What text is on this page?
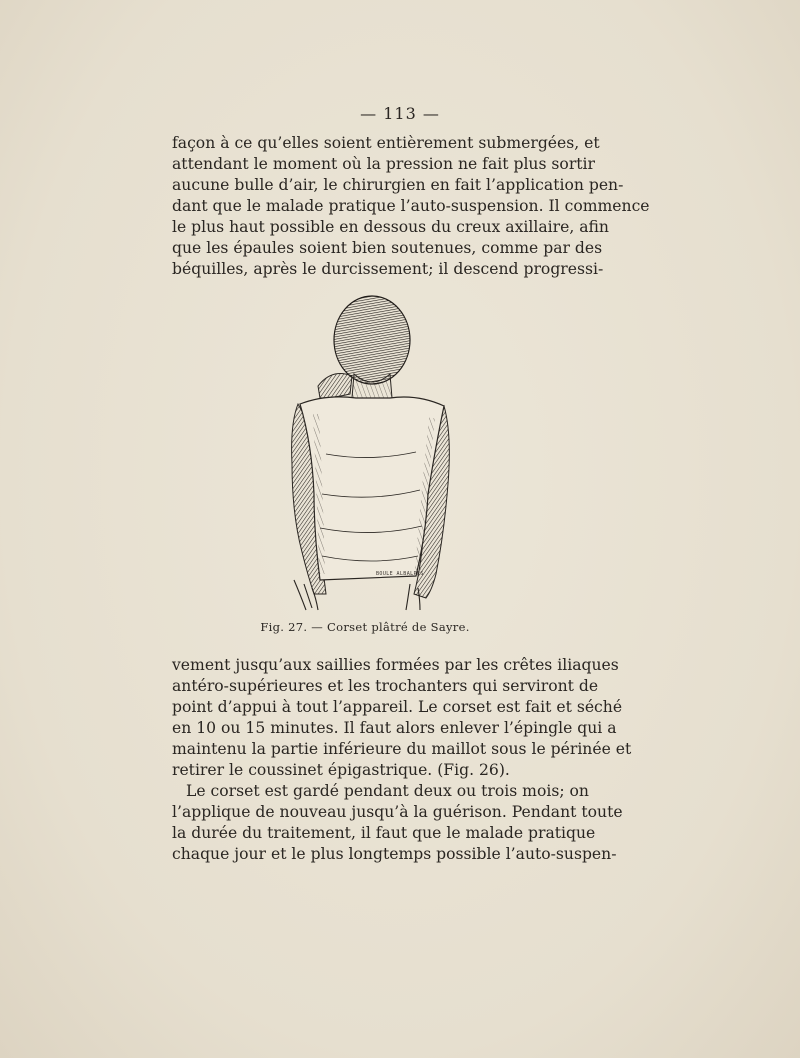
— 113 —
façon à ce qu’elles soient entièrement submergées, et
attendant le moment où la pression ne fait plus sortir
aucune bulle d’air, le chirurgien en fait l’application pen-
dant que le malade pratique l’auto-suspension. Il commence
le plus haut possible en dessous du creux axillaire, afin
que les épaules soient bien soutenues, comme par des
béquilles, après le durcissement; il descend progressi-
BOULE ALBALPES
Fig. 27. — Corset plâtré de Sayre.
vement jusqu’aux saillies formées par les crêtes iliaques
antéro-supérieures et les trochanters qui serviront de
point d’appui à tout l’appareil. Le corset est fait et séché
en 10 ou 15 minutes. Il faut alors enlever l’épingle qui a
maintenu la partie inférieure du maillot sous le périnée et
retirer le coussinet épigastrique. (Fig. 26).
Le corset est gardé pendant deux ou trois mois; on
l’applique de nouveau jusqu’à la guérison. Pendant toute
la durée du traitement, il faut que le malade pratique
chaque jour et le plus longtemps possible l’auto-suspen-
